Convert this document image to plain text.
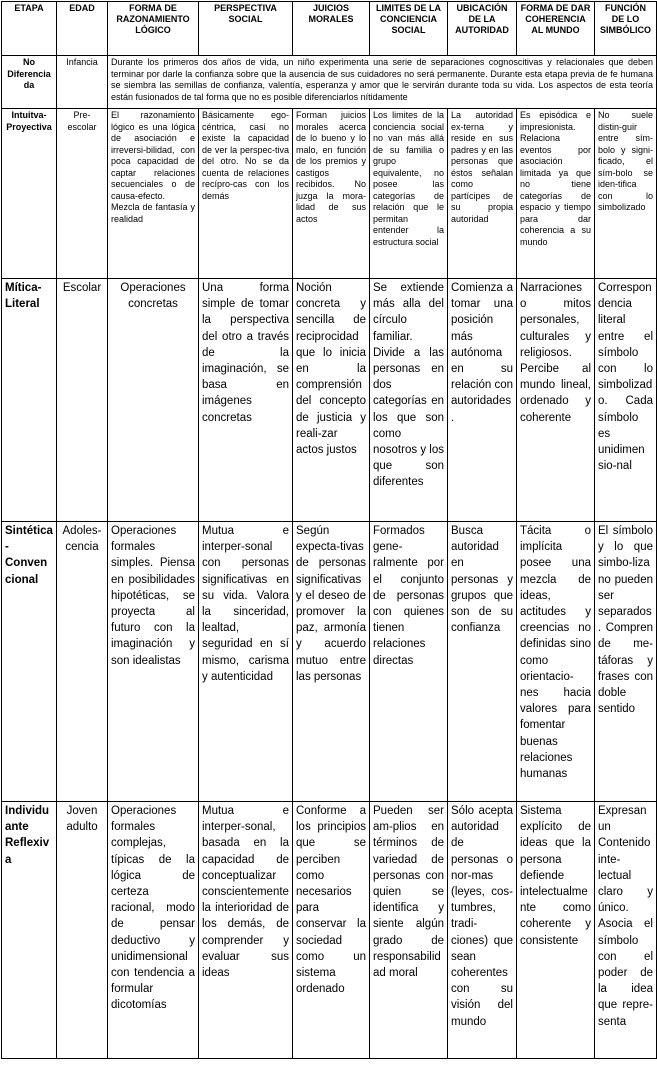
ETAPA	EDAD	FORMA DE RAZONAMIENTO LÓGICO	PERSPECTIVA SOCIAL	JUICIOS MORALES	LIMITES DE LA CONCIENCIA SOCIAL	UBICACIÓN DE LA AUTORIDAD	FORMA DE DAR COHERENCIA AL MUNDO	FUNCIÓN DE LO SIMBÓLICO
No Diferenciada	Infancia	Durante los primeros dos años de vida, un niño experimenta una serie de separaciones cognoscitivas y relacionales que deben terminar por darle la confianza sobre que la ausencia de sus cuidadores no será permanente. Durante esta etapa previa de fe humana se siembra las semillas de confianza, valentía, esperanza y amor que le servirán durante toda su vida. Los aspectos de esta teoría están fusionados de tal forma que no es posible diferenciarlos nítidamente						
Intuitva-Proyectiva	Pre-escolar	El razonamiento lógico es una lógica de asociación e irreversi-bilidad, con poca capacidad de captar relaciones secuenciales o de causa-efecto. Mezcla de fantasía y realidad	Básicamente ego-céntrica, casi no existe la capacidad de ver la perspec-tiva del otro. No se da cuenta de relaciones recípro-cas con los demás	Forman juicios morales acerca de lo bueno y lo malo, en función de los premios y castigos recibidos. No juzga la mora-lidad de sus actos	Los limites de la conciencia social no van más allá de su familia o grupo equivalente, no posee las categorías de relación que le permitan entender la estructura social	La autoridad ex-terna y reside en sus padres y en las personas que éstos señalan como partícipes de su propia autoridad	Es episódica e impresionista. Relaciona eventos por asociación limitada ya que no tiene categorías de espacio y tiempo para dar coherencia a su mundo	No suele distin-guir entre sím-bolo y signi-ficado, el sím-bolo se iden-tifica con lo simbolizado
Mítica-Literal	Escolar	Operaciones concretas	Una forma simple de tomar la perspectiva del otro a través de la imaginación, se basa en imágenes concretas	Noción concreta y sencilla de reciprocidad que lo inicia en la comprensión del concepto de justicia y reali-zar actos justos	Se extiende más alla del círculo familiar. Divide a las personas en dos categorías en los que son como nosotros y los que son diferentes	Comienza a tomar una posición más autónoma en su relación con autoridades.	Narraciones o mitos personales, culturales y religiosos. Percibe al mundo lineal, ordenado y coherente	Correspondencia literal entre el símbolo con lo simbolizado. Cada símbolo es unidimen sio-nal
Sintética-Convencional	Adoles-cencia	Operaciones formales simples. Piensa en posibilidades hipotéticas, se proyecta al futuro con la imaginación y son idealistas	Mutua e interper-sonal con personas significativas en su vida. Valora la sinceridad, lealtad, seguridad en sí mismo, carisma y autenticidad	Según expecta-tivas de personas significativas y el deseo de promover la paz, armonía y acuerdo mutuo entre las personas	Formados gene-ralmente por el conjunto de personas con quienes tienen relaciones directas	Busca autoridad en personas y grupos que son de su confianza	Tácita o implícita posee una mezcla de ideas, actitudes y creencias no definidas sino como orientacio-nes hacia valores para fomentar buenas relaciones humanas	El símbolo y lo que simbo-liza no pueden ser separados. Compren de me-táforas y frases con doble sentido
Individuante Reflexiva	Joven adulto	Operaciones formales complejas, típicas de la lógica de certeza racional, modo de pensar deductivo y unidimensional con tendencia a formular dicotomías	Mutua e interper-sonal, basada en la capacidad de conceptualizar conscientemente la interioridad de los demás, de comprender y evaluar sus ideas	Conforme a los principios que se perciben como necesarios para conservar la sociedad como un sistema ordenado	Pueden ser am-plios en términos de variedad de personas con quien se identifica y siente algún grado de responsabilidad moral	Sólo acepta autoridad de personas o nor-mas (leyes, cos-tumbres, tradi-ciones) que sean coherentes con su visión del mundo	Sistema explícito de ideas que la persona defiende intelectualmente como coherente y consistente	Expresan un Contenido inte-lectual claro y único. Asocia el símbolo con el poder de la idea que repre-senta
